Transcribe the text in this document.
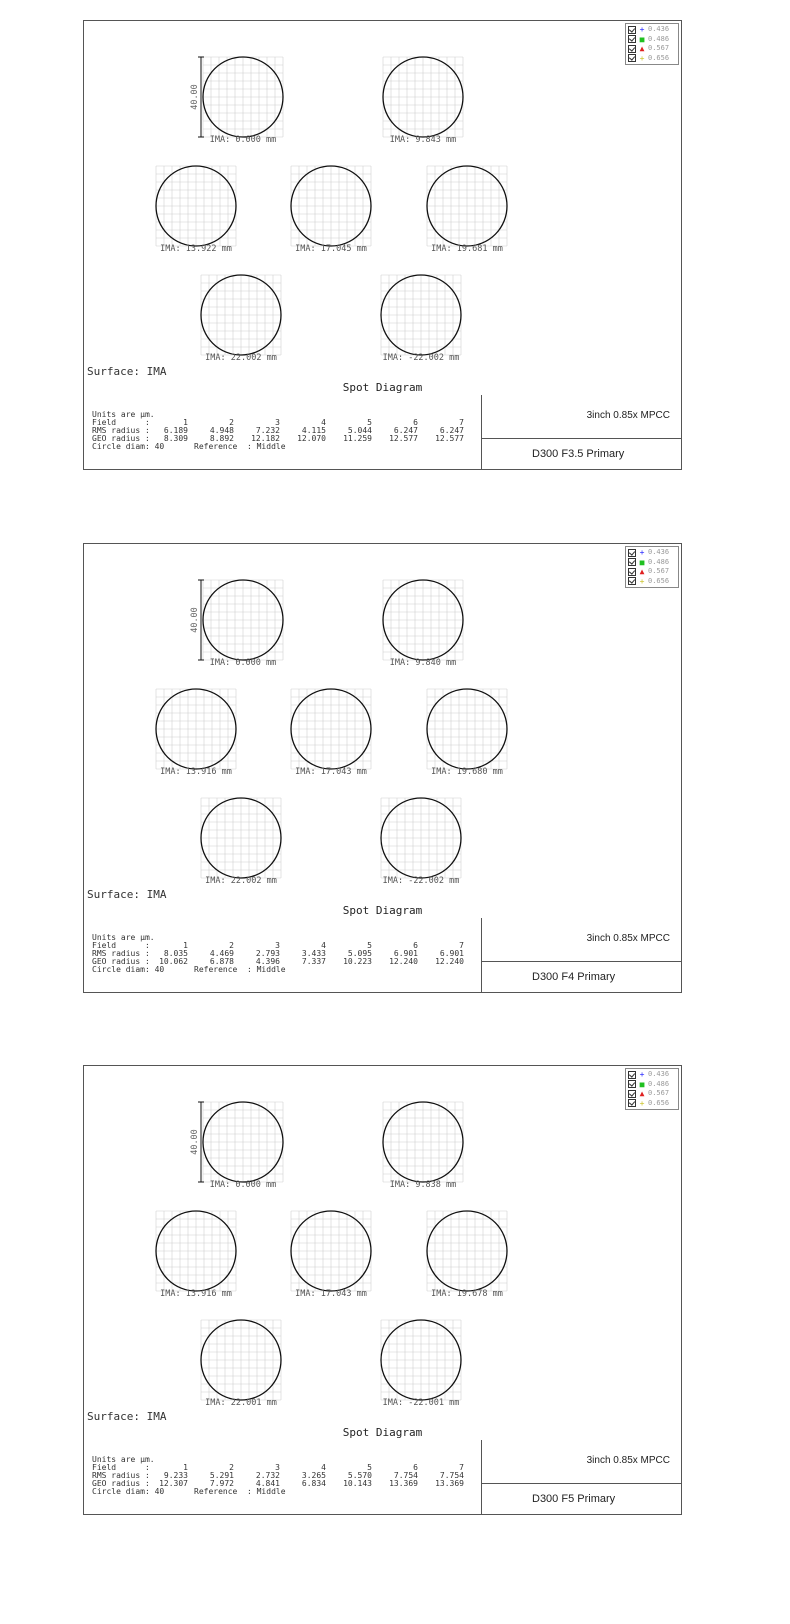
+ 0.436
■ 0.486
▲ 0.567
+ 0.656
IMA: 0.000 mm	IMA: 9.843 mm
IMA: 13.922 mm	IMA: 17.045 mm	IMA: 19.681 mm
IMA: 22.002 mm	IMA: -22.002 mm
40.00
Surface: IMA
Spot Diagram
Units are µm.
Field      :	1	2	3	4	5	6	7
RMS radius :	6.189	4.948	7.232	4.115	5.044	6.247	6.247
GEO radius :	8.309	8.892	12.182	12.070	11.259	12.577	12.577
Circle diam: 40	Reference  : Middle
3inch 0.85x MPCC
D300 F3.5 Primary
+ 0.436
■ 0.486
▲ 0.567
+ 0.656
IMA: 0.000 mm	IMA: 9.840 mm
IMA: 13.916 mm	IMA: 17.043 mm	IMA: 19.680 mm
IMA: 22.002 mm	IMA: -22.002 mm
40.00
Surface: IMA
Spot Diagram
Units are µm.
Field      :	1	2	3	4	5	6	7
RMS radius :	8.035	4.469	2.793	3.433	5.095	6.901	6.901
GEO radius :	10.062	6.878	4.396	7.337	10.223	12.240	12.240
Circle diam: 40	Reference  : Middle
3inch 0.85x MPCC
D300 F4 Primary
+ 0.436
■ 0.486
▲ 0.567
+ 0.656
IMA: 0.000 mm	IMA: 9.838 mm
IMA: 13.916 mm	IMA: 17.043 mm	IMA: 19.678 mm
IMA: 22.001 mm	IMA: -22.001 mm
40.00
Surface: IMA
Spot Diagram
Units are µm.
Field      :	1	2	3	4	5	6	7
RMS radius :	9.233	5.291	2.732	3.265	5.570	7.754	7.754
GEO radius :	12.307	7.972	4.841	6.834	10.143	13.369	13.369
Circle diam: 40	Reference  : Middle
3inch 0.85x MPCC
D300 F5 Primary
